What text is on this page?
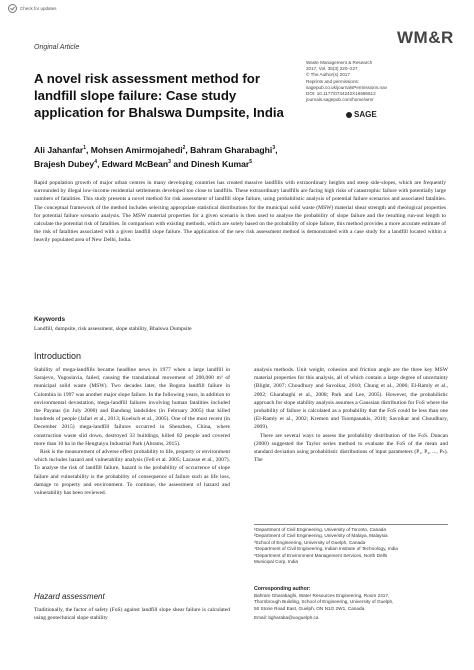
Check for updates
Original Article
WM&R
Waste Management & Research
2017, Vol. 35(3) 220–227
© The Author(s) 2017
Reprints and permissions:
sagepub.co.uk/journalsPermissions.nav
DOI: 10.1177/0734242X16686612
journals.sagepub.com/home/wmr
SAGE
A novel risk assessment method for landfill slope failure: Case study application for Bhalswa Dumpsite, India
Ali Jahanfar$^1$, Mohsen Amirmojahedi$^2$, Bahram Gharabaghi$^3$,
Brajesh Dubey$^4$, Edward McBean$^3$ and Dinesh Kumar$^5$

Rapid population growth of major urban centres in many developing countries has created massive landfills with extraordinary heights and steep side-slopes, which are frequently surrounded by illegal low-income residential settlements developed too close to landfills. These extraordinary landfills are facing high risks of catastrophic failure with potentially large numbers of fatalities. This study presents a novel method for risk assessment of landfill slope failure, using probabilistic analysis of potential failure scenarios and associated fatalities. The conceptual framework of the method includes selecting appropriate statistical distributions for the municipal solid waste (MSW) material shear strength and rheological properties for potential failure scenario analysis. The MSW material properties for a given scenario is then used to analyse the probability of slope failure and the resulting run-out length to calculate the potential risk of fatalities. In comparison with existing methods, which are solely based on the probability of slope failure, this method provides a more accurate estimate of the risk of fatalities associated with a given landfill slope failure. The application of the new risk assessment method is demonstrated with a case study for a landfill located within a heavily populated area of New Delhi, India.

Keywords
Landfill, dumpsite, risk assessment, slope stability, Bhalswa Dumpsite
Introduction

Stability of mega-landfills became headline news in 1977 when a large landfill in Sarajevo, Yugoslavia, failed, causing the translational movement of 200,000 m³ of municipal solid waste (MSW). Two decades later, the Bogota landfill failure in Colombia in 1997 was another major slope failure. In the following years, in addition to environmental devastation, mega-landfill failures involving human fatalities included the Payatas (in July 2000) and Bandung landslides (in February 2005) that killed hundreds of people (Jafari et al., 2013; Koelsch et al., 2005). One of the most recent (in December 2015) mega-landfill failures occurred in Shenzhen, China, where construction waste slid down, destroyed 33 buildings, killed 82 people and covered more than 10 ha in the Hengtaiyu Industrial Park (Abrams, 2015).

Risk is the measurement of adverse effect probability to life, property or environment which includes hazard and vulnerability analysis (Fell et al. 2005; Lacasse et al., 2007). To analyse the risk of landfill failure, hazard is the probability of occurrence of slope failure and vulnerability is the probability of consequence of failure such as life loss, damage to property and environment. To continue, the assessment of hazard and vulnerability has been reviewed.

Hazard assessment

Traditionally, the factor of safety (FoS) against landfill slope shear failure is calculated using geotechnical slope stability

analysis methods. Unit weight, cohesion and friction angle are the three key MSW material properties for this analysis, all of which contain a large degree of uncertainty (Blight, 2007; Choudhury and Savoikar, 2010; Chung et al., 2006; El-Ramly et al., 2002; Gharabaghi et al., 2008; Park and Lee, 2005). However, the probabilistic approach for slope stability analysis assumes a Gaussian distribution for FoS where the probability of failure is calculated as a probability that the FoS could be less than one (El-Ramly et al., 2002; Kremen and Tsompanakis, 2010; Savoikar and Choudhury, 2009).

There are several ways to assess the probability distribution of the FoS. Duncan (2000) suggested the Taylor series method to evaluate the FoS of the mean and standard deviation using probabilistic distributions of input parameters (P₁, P₂, ..., Pₙ). The

¹Department of Civil Engineering, University of Toronto, Canada
²Department of Civil Engineering, University of Malaya, Malaysia
³School of Engineering, University of Guelph, Canada
⁴Department of Civil Engineering, Indian Institute of Technology, India
⁵Department of Environment Management Services, North Delhi
Municipal Corp, India
Corresponding author:
Bahram Gharabaghi, Water Resources Engineering, Room 2417,
Thornbrough Building, School of Engineering, University of Guelph,
50 Stone Road East, Guelph, ON N1G 2W1, Canada.
Email: bgharaba@uoguelph.ca
